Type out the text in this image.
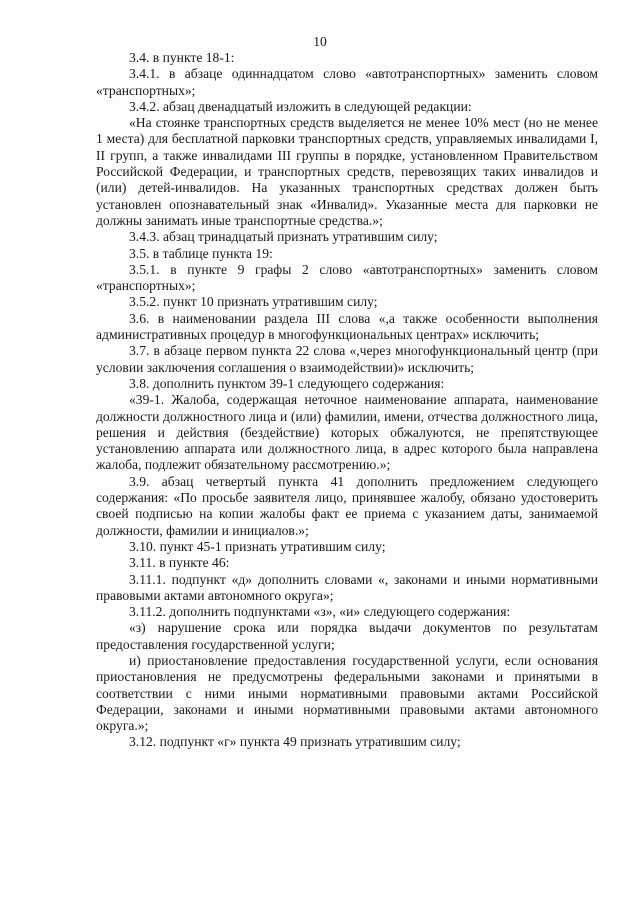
10

3.4. в пункте 18-1:

3.4.1. в абзаце одиннадцатом слово «автотранспортных» заменить словом «транспортных»;

3.4.2. абзац двенадцатый изложить в следующей редакции:

«На стоянке транспортных средств выделяется не менее 10% мест (но не менее 1 места) для бесплатной парковки транспортных средств, управляемых инвалидами I, II групп, а также инвалидами III группы в порядке, установленном Правительством Российской Федерации, и транспортных средств, перевозящих таких инвалидов и (или) детей-инвалидов. На указанных транспортных средствах должен быть установлен опознавательный знак «Инвалид». Указанные места для парковки не должны занимать иные транспортные средства.»;

3.4.3. абзац тринадцатый признать утратившим силу;

3.5. в таблице пункта 19:

3.5.1. в пункте 9 графы 2 слово «автотранспортных» заменить словом «транспортных»;

3.5.2. пункт 10 признать утратившим силу;

3.6. в наименовании раздела III слова «,а также особенности выполнения административных процедур в многофункциональных центрах» исключить;

3.7. в абзаце первом пункта 22 слова «,через многофункциональный центр (при условии заключения соглашения о взаимодействии)» исключить;

3.8. дополнить пунктом 39-1 следующего содержания:

«39-1. Жалоба, содержащая неточное наименование аппарата, наименование должности должностного лица и (или) фамилии, имени, отчества должностного лица, решения и действия (бездействие) которых обжалуются, не препятствующее установлению аппарата или должностного лица, в адрес которого была направлена жалоба, подлежит обязательному рассмотрению.»;

3.9. абзац четвертый пункта 41 дополнить предложением следующего содержания: «По просьбе заявителя лицо, принявшее жалобу, обязано удостоверить своей подписью на копии жалобы факт ее приема с указанием даты, занимаемой должности, фамилии и инициалов.»;

3.10. пункт 45-1 признать утратившим силу;

3.11. в пункте 46:

3.11.1. подпункт «д» дополнить словами «, законами и иными нормативными правовыми актами автономного округа»;

3.11.2. дополнить подпунктами «з», «и» следующего содержания:

«з) нарушение срока или порядка выдачи документов по результатам предоставления государственной услуги;

и) приостановление предоставления государственной услуги, если основания приостановления не предусмотрены федеральными законами и принятыми в соответствии с ними иными нормативными правовыми актами Российской Федерации, законами и иными нормативными правовыми актами автономного округа.»;

3.12. подпункт «г» пункта 49 признать утратившим силу;
